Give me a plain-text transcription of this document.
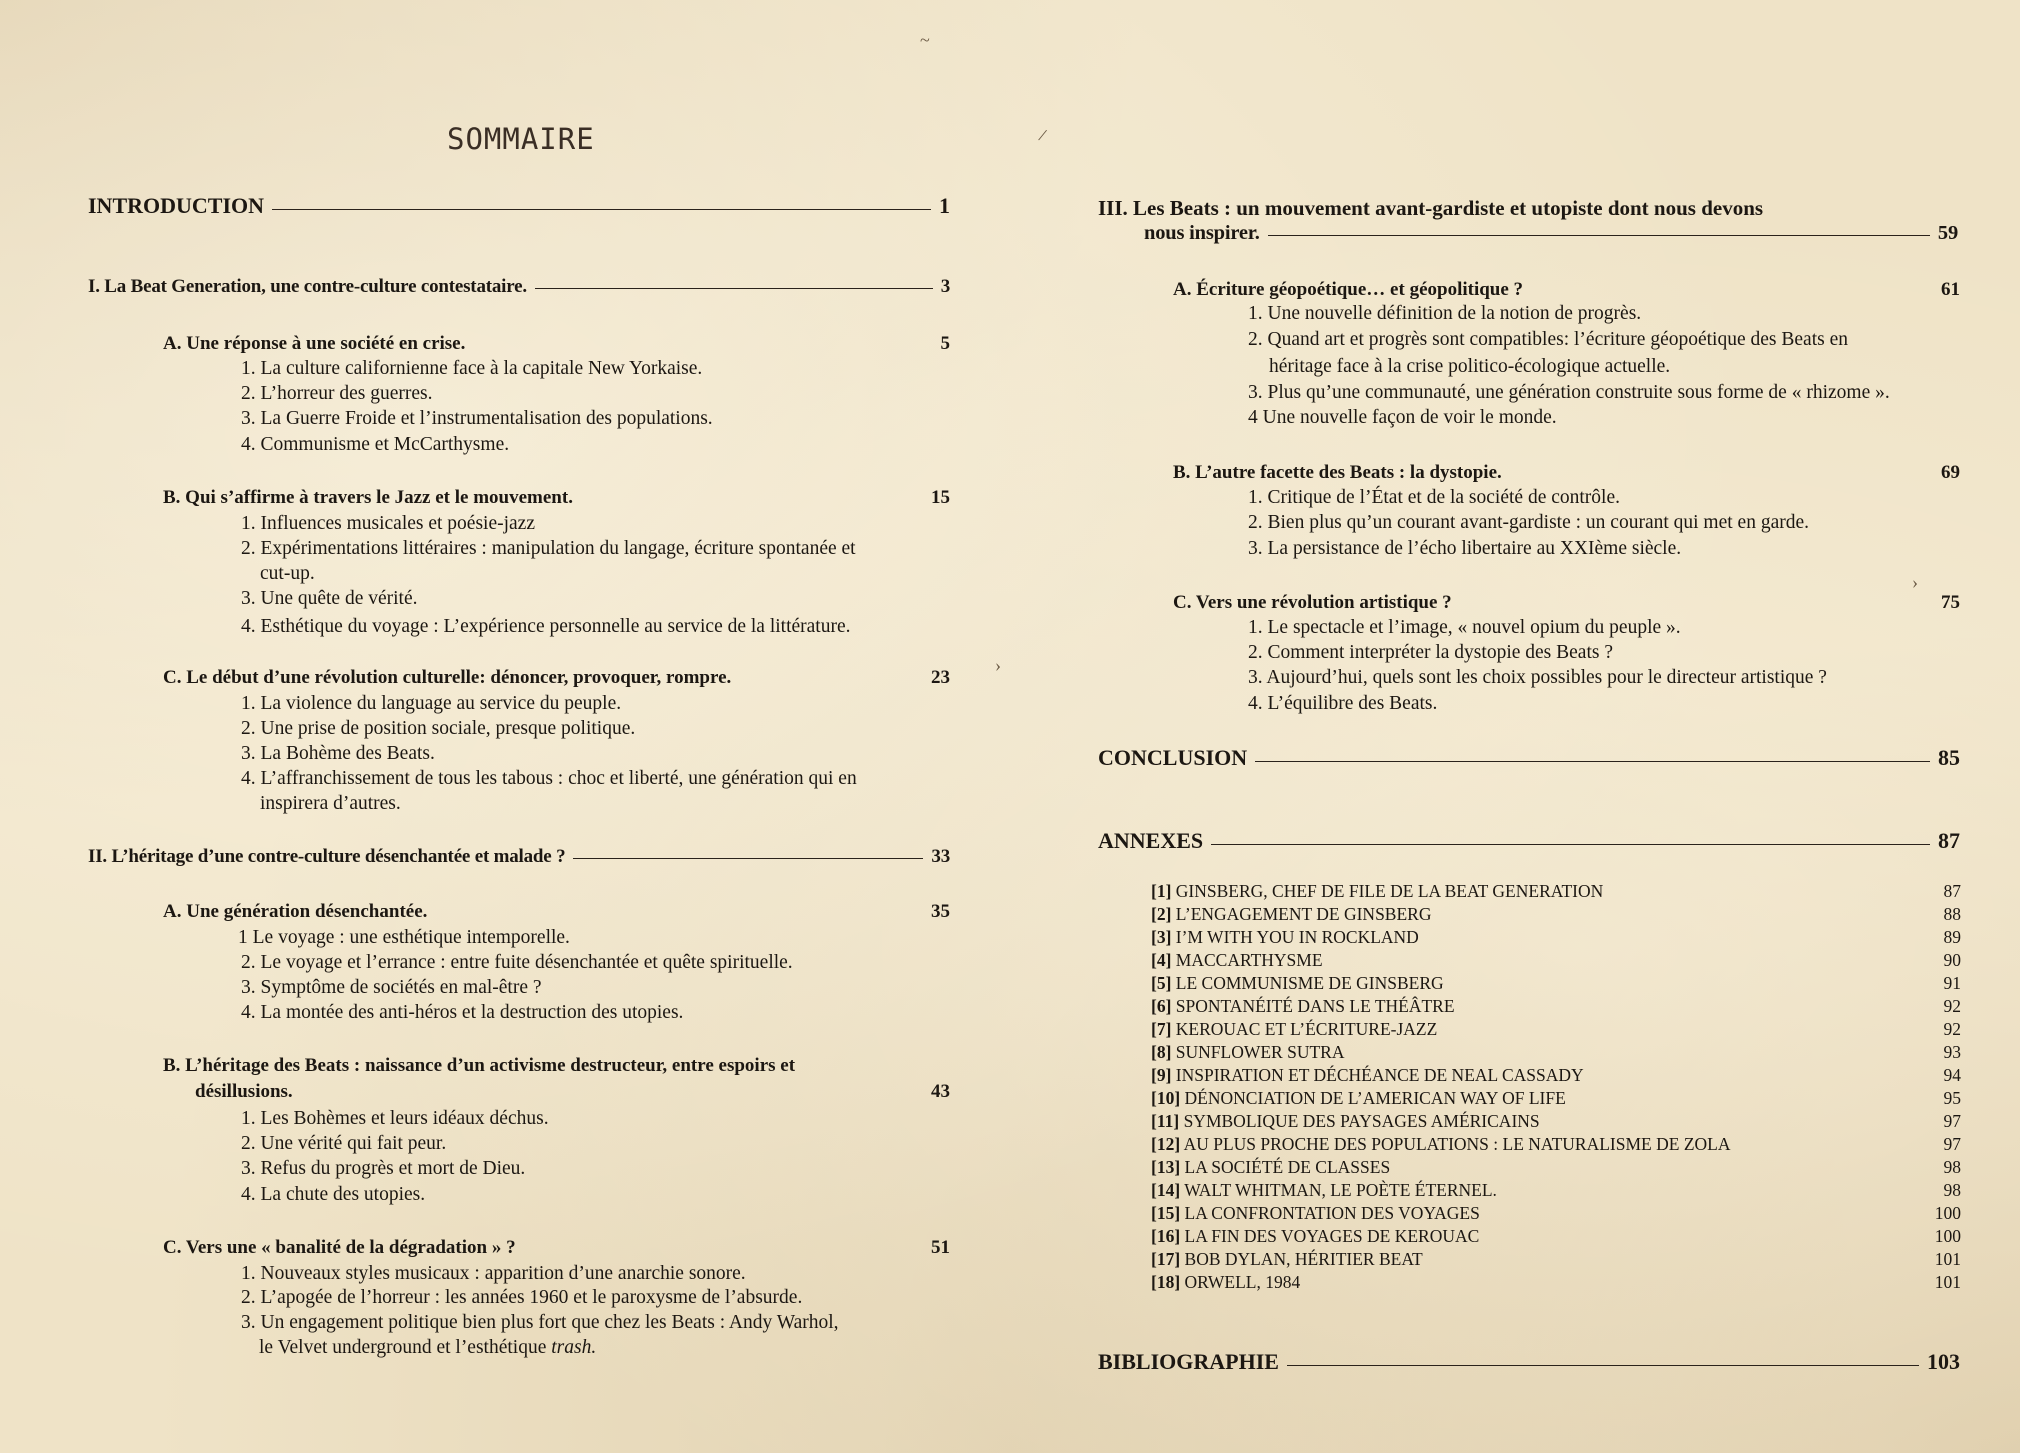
SOMMAIRE
INTRODUCTION	1
I. La Beat Generation, une contre-culture contestataire.	3
A. Une réponse à une société en crise.	5
1. La culture californienne face à la capitale New Yorkaise.
2. L’horreur des guerres.
3. La Guerre Froide et l’instrumentalisation des populations.
4. Communisme et McCarthysme.
B. Qui s’affirme à travers le Jazz et le mouvement.	15
1. Influences musicales et poésie-jazz
2. Expérimentations littéraires : manipulation du langage, écriture spontanée et
cut-up.
3. Une quête de vérité.
4. Esthétique du voyage : L’expérience personnelle au service de la littérature.
C. Le début d’une révolution culturelle: dénoncer, provoquer, rompre.	23
1. La violence du language au service du peuple.
2. Une prise de position sociale, presque politique.
3. La Bohème des Beats.
4. L’affranchissement de tous les tabous : choc et liberté, une génération qui en
inspirera d’autres.
II. L’héritage d’une contre-culture désenchantée et malade ?	33
A. Une génération désenchantée.	35
1 Le voyage : une esthétique intemporelle.
2. Le voyage et l’errance : entre fuite désenchantée et quête spirituelle.
3. Symptôme de sociétés en mal-être ?
4. La montée des anti-héros et la destruction des utopies.
B. L’héritage des Beats : naissance d’un activisme destructeur, entre espoirs et
désillusions.	43
1. Les Bohèmes et leurs idéaux déchus.
2. Une vérité qui fait peur.
3. Refus du progrès et mort de Dieu.
4. La chute des utopies.
C. Vers une « banalité de la dégradation » ?	51
1. Nouveaux styles musicaux : apparition d’une anarchie sonore.
2. L’apogée de l’horreur : les années 1960 et le paroxysme de l’absurde.
3. Un engagement politique bien plus fort que chez les Beats : Andy Warhol,
le Velvet underground et l’esthétique trash.
III. Les Beats : un mouvement avant-gardiste et utopiste dont nous devons
nous inspirer.	59
A. Écriture géopoétique… et géopolitique ?	61
1. Une nouvelle définition de la notion de progrès.
2. Quand art et progrès sont compatibles: l’écriture géopoétique des Beats en
héritage face à la crise politico-écologique actuelle.
3. Plus qu’une communauté, une génération construite sous forme de « rhizome ».
4 Une nouvelle façon de voir le monde.
B. L’autre facette des Beats : la dystopie.	69
1. Critique de l’État et de la société de contrôle.
2. Bien plus qu’un courant avant-gardiste : un courant qui met en garde.
3. La persistance de l’écho libertaire au XXIème siècle.
C. Vers une révolution artistique ?	75
1. Le spectacle et l’image, « nouvel opium du peuple ».
2. Comment interpréter la dystopie des Beats ?
3. Aujourd’hui, quels sont les choix possibles pour le directeur artistique ?
4. L’équilibre des Beats.
CONCLUSION	85
ANNEXES	87
[1] GINSBERG, CHEF DE FILE DE LA BEAT GENERATION	87
[2] L’ENGAGEMENT DE GINSBERG	88
[3] I’M WITH YOU IN ROCKLAND	89
[4] MACCARTHYSME	90
[5] LE COMMUNISME DE GINSBERG	91
[6] SPONTANÉITÉ DANS LE THÉÂTRE	92
[7] KEROUAC ET L’ÉCRITURE-JAZZ	92
[8] SUNFLOWER SUTRA	93
[9] INSPIRATION ET DÉCHÉANCE DE NEAL CASSADY	94
[10] DÉNONCIATION DE L’AMERICAN WAY OF LIFE	95
[11] SYMBOLIQUE DES PAYSAGES AMÉRICAINS	97
[12] AU PLUS PROCHE DES POPULATIONS : LE NATURALISME DE ZOLA	97
[13] LA SOCIÉTÉ DE CLASSES	98
[14] WALT WHITMAN, LE POÈTE ÉTERNEL.	98
[15] LA CONFRONTATION DES VOYAGES	100
[16] LA FIN DES VOYAGES DE KEROUAC	100
[17] BOB DYLAN, HÉRITIER BEAT	101
[18] ORWELL, 1984	101
BIBLIOGRAPHIE	103
/
›
›
~
